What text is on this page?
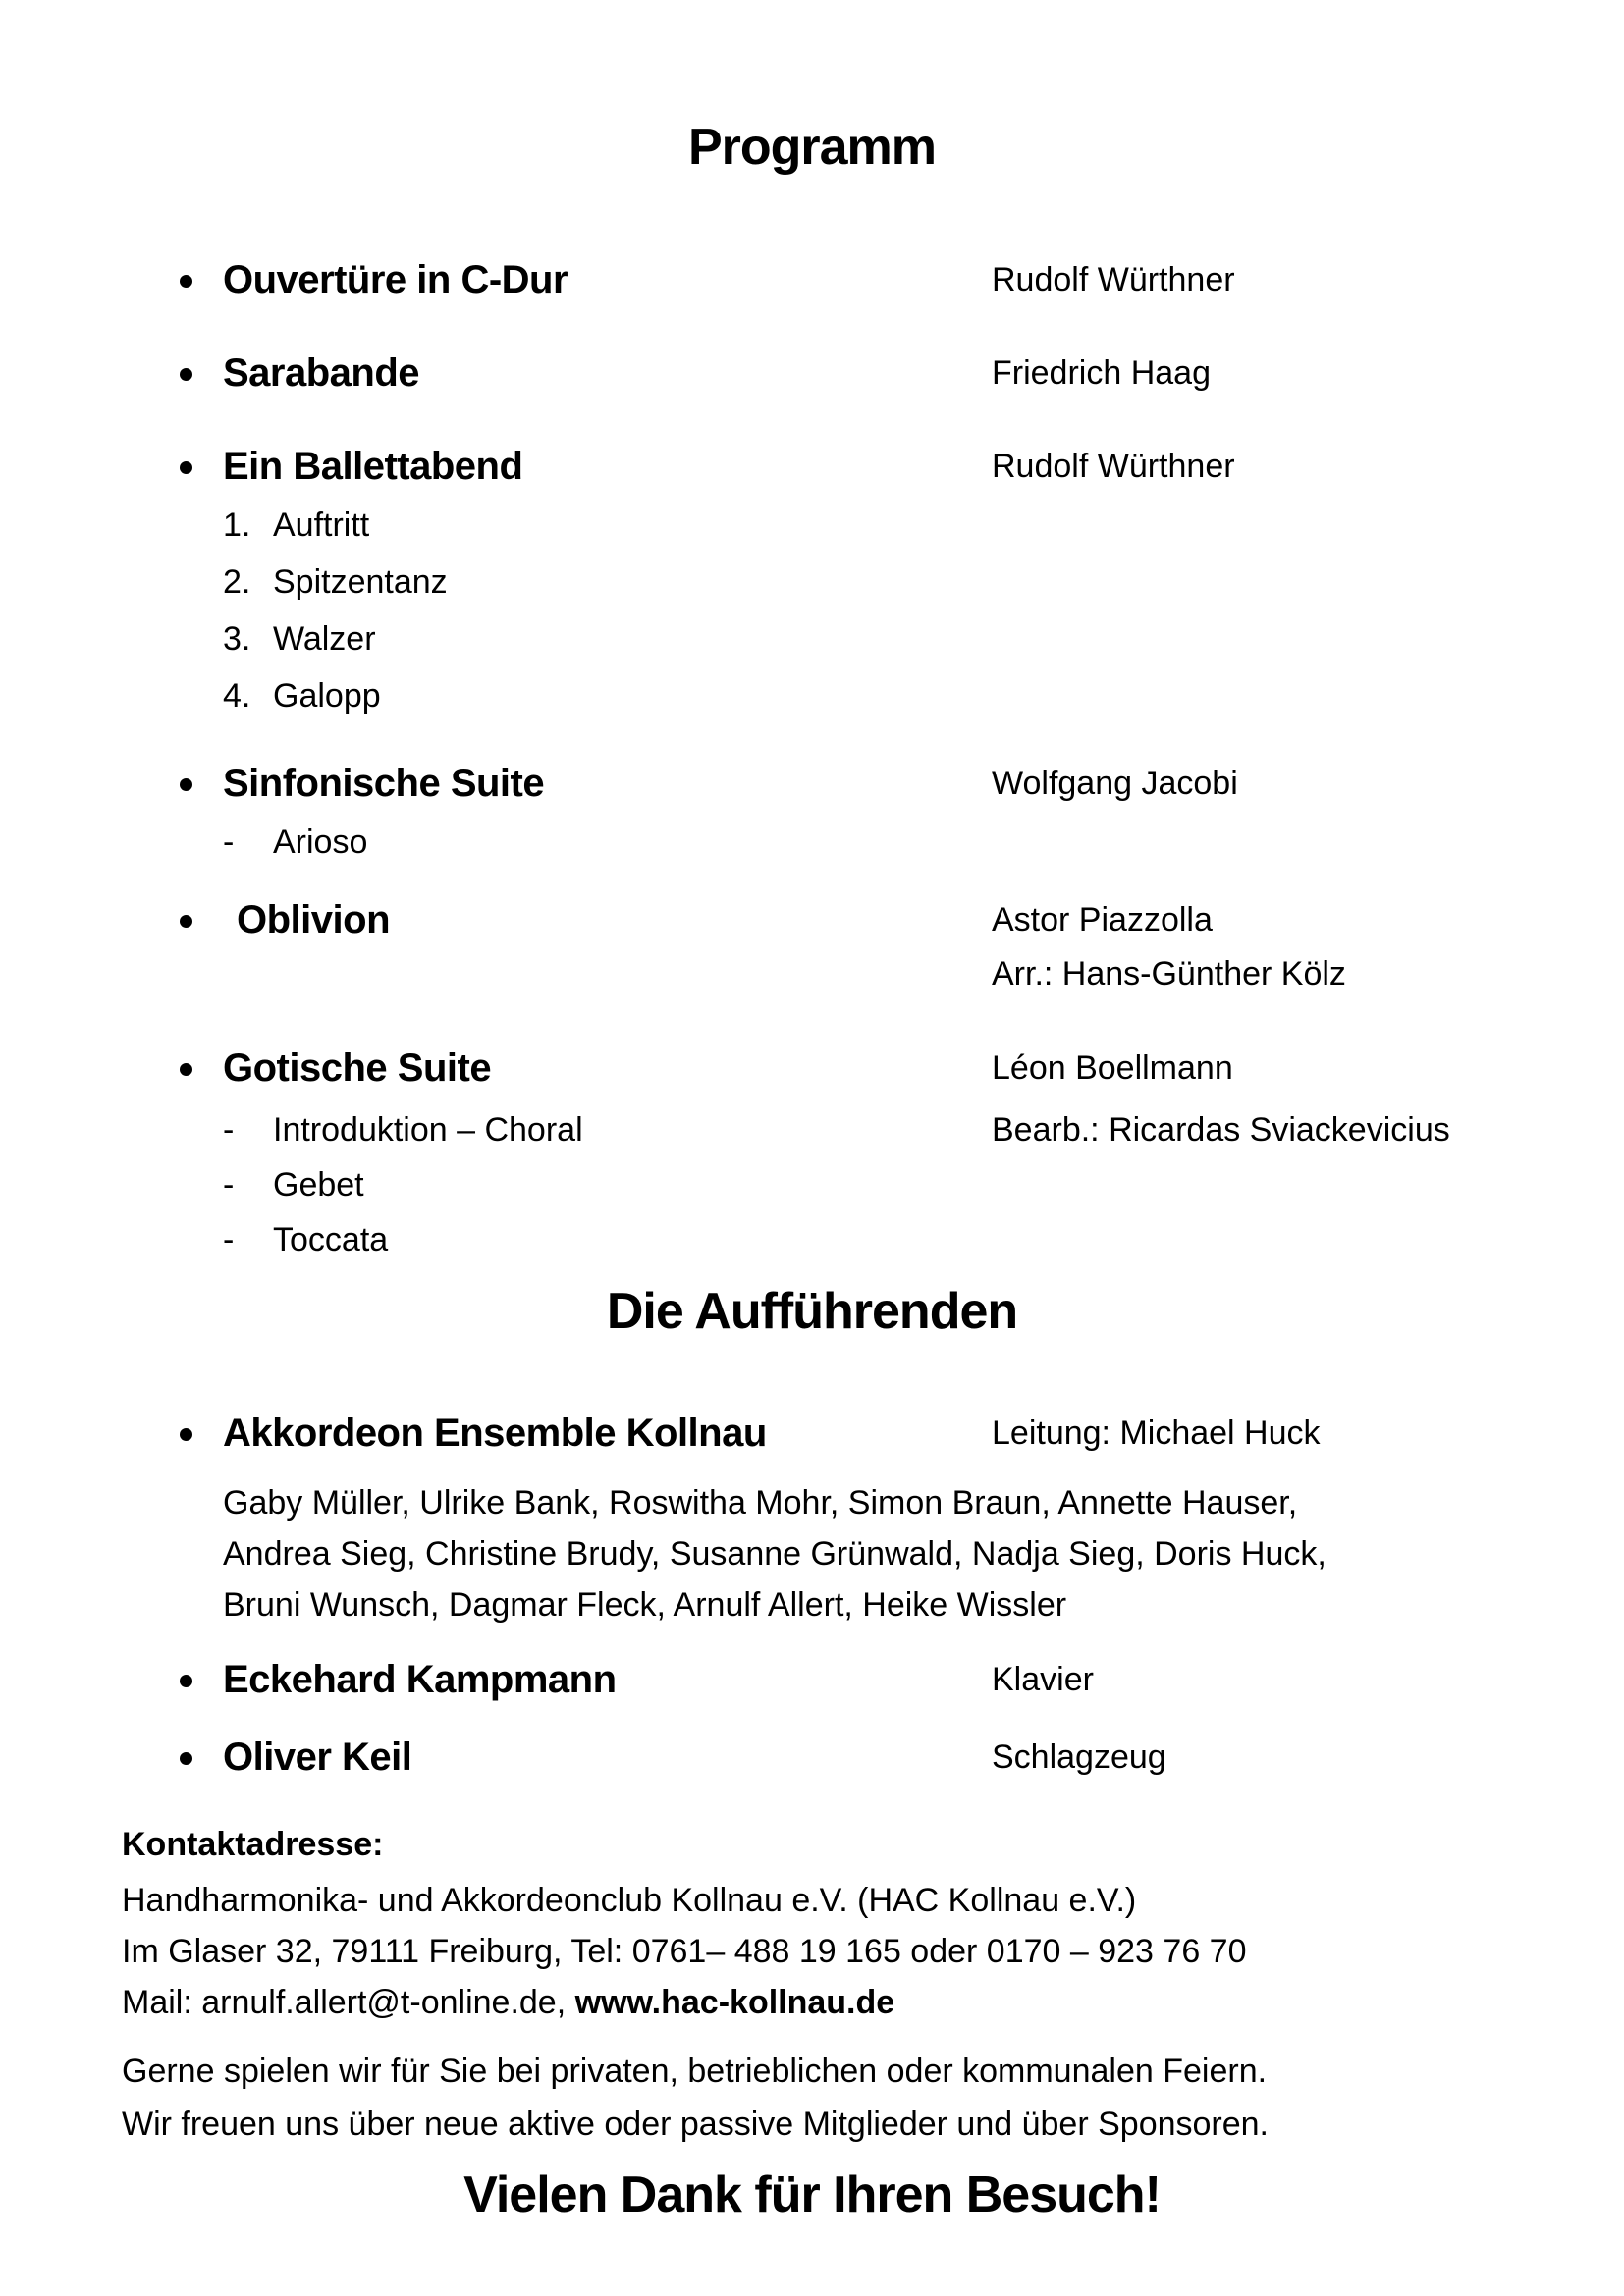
Programm
Ouvertüre in C-Dur	Rudolf Würthner
Sarabande	Friedrich Haag
Ein Ballettabend	Rudolf Würthner
1. Auftritt
2. Spitzentanz
3. Walzer
4. Galopp
Sinfonische Suite	Wolfgang Jacobi
- Arioso
Oblivion	Astor Piazzolla
Arr.: Hans-Günther Kölz
Gotische Suite	Léon Boellmann
- Introduktion – Choral	Bearb.: Ricardas Sviackevicius
- Gebet
- Toccata
Die Aufführenden
Akkordeon Ensemble Kollnau	Leitung: Michael Huck
Gaby Müller, Ulrike Bank, Roswitha Mohr, Simon Braun, Annette Hauser,
Andrea Sieg, Christine Brudy, Susanne Grünwald, Nadja Sieg, Doris Huck,
Bruni Wunsch, Dagmar Fleck, Arnulf Allert, Heike Wissler
Eckehard Kampmann	Klavier
Oliver Keil	Schlagzeug
Kontaktadresse:
Handharmonika- und Akkordeonclub Kollnau e.V. (HAC Kollnau e.V.)
Im Glaser 32, 79111 Freiburg, Tel: 0761– 488 19 165 oder 0170 – 923 76 70
Mail: arnulf.allert@t-online.de, www.hac-kollnau.de
Gerne spielen wir für Sie bei privaten, betrieblichen oder kommunalen Feiern.
Wir freuen uns über neue aktive oder passive Mitglieder und über Sponsoren.
Vielen Dank für Ihren Besuch!
